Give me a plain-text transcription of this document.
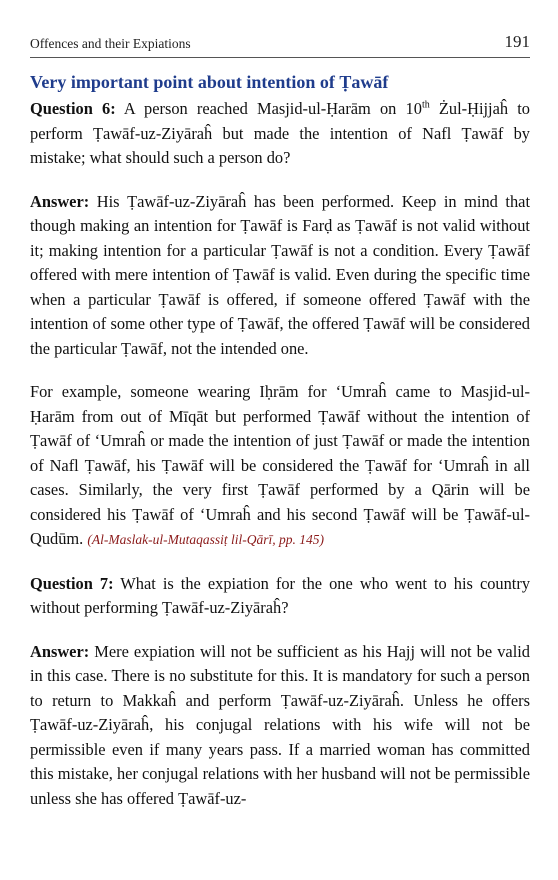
Offences and their Expiations	191
Very important point about intention of Ṭawāf

Question 6: A person reached Masjid-ul-Ḥarām on 10th Żul-Ḥijjaĥ to perform Ṭawāf-uz-Ziyāraĥ but made the intention of Nafl Ṭawāf by mistake; what should such a person do?

Answer: His Ṭawāf-uz-Ziyāraĥ has been performed. Keep in mind that though making an intention for Ṭawāf is Farḍ as Ṭawāf is not valid without it; making intention for a particular Ṭawāf is not a condition. Every Ṭawāf offered with mere intention of Ṭawāf is valid. Even during the specific time when a particular Ṭawāf is offered, if someone offered Ṭawāf with the intention of some other type of Ṭawāf, the offered Ṭawāf will be considered the particular Ṭawāf, not the intended one.

For example, someone wearing Iḥrām for ‘Umraĥ came to Masjid-ul-Ḥarām from out of Mīqāt but performed Ṭawāf without the intention of Ṭawāf of ‘Umraĥ or made the intention of just Ṭawāf or made the intention of Nafl Ṭawāf, his Ṭawāf will be considered the Ṭawāf for ‘Umraĥ in all cases. Similarly, the very first Ṭawāf performed by a Qārin will be considered his Ṭawāf of ‘Umraĥ and his second Ṭawāf will be Ṭawāf-ul-Qudūm. (Al-Maslak-ul-Mutaqassiṭ lil-Qārī, pp. 145)

Question 7: What is the expiation for the one who went to his country without performing Ṭawāf-uz-Ziyāraĥ?

Answer: Mere expiation will not be sufficient as his Hajj will not be valid in this case. There is no substitute for this. It is mandatory for such a person to return to Makkaĥ and perform Ṭawāf-uz-Ziyāraĥ. Unless he offers Ṭawāf-uz-Ziyāraĥ, his conjugal relations with his wife will not be permissible even if many years pass. If a married woman has committed this mistake, her conjugal relations with her husband will not be permissible unless she has offered Ṭawāf-uz-
